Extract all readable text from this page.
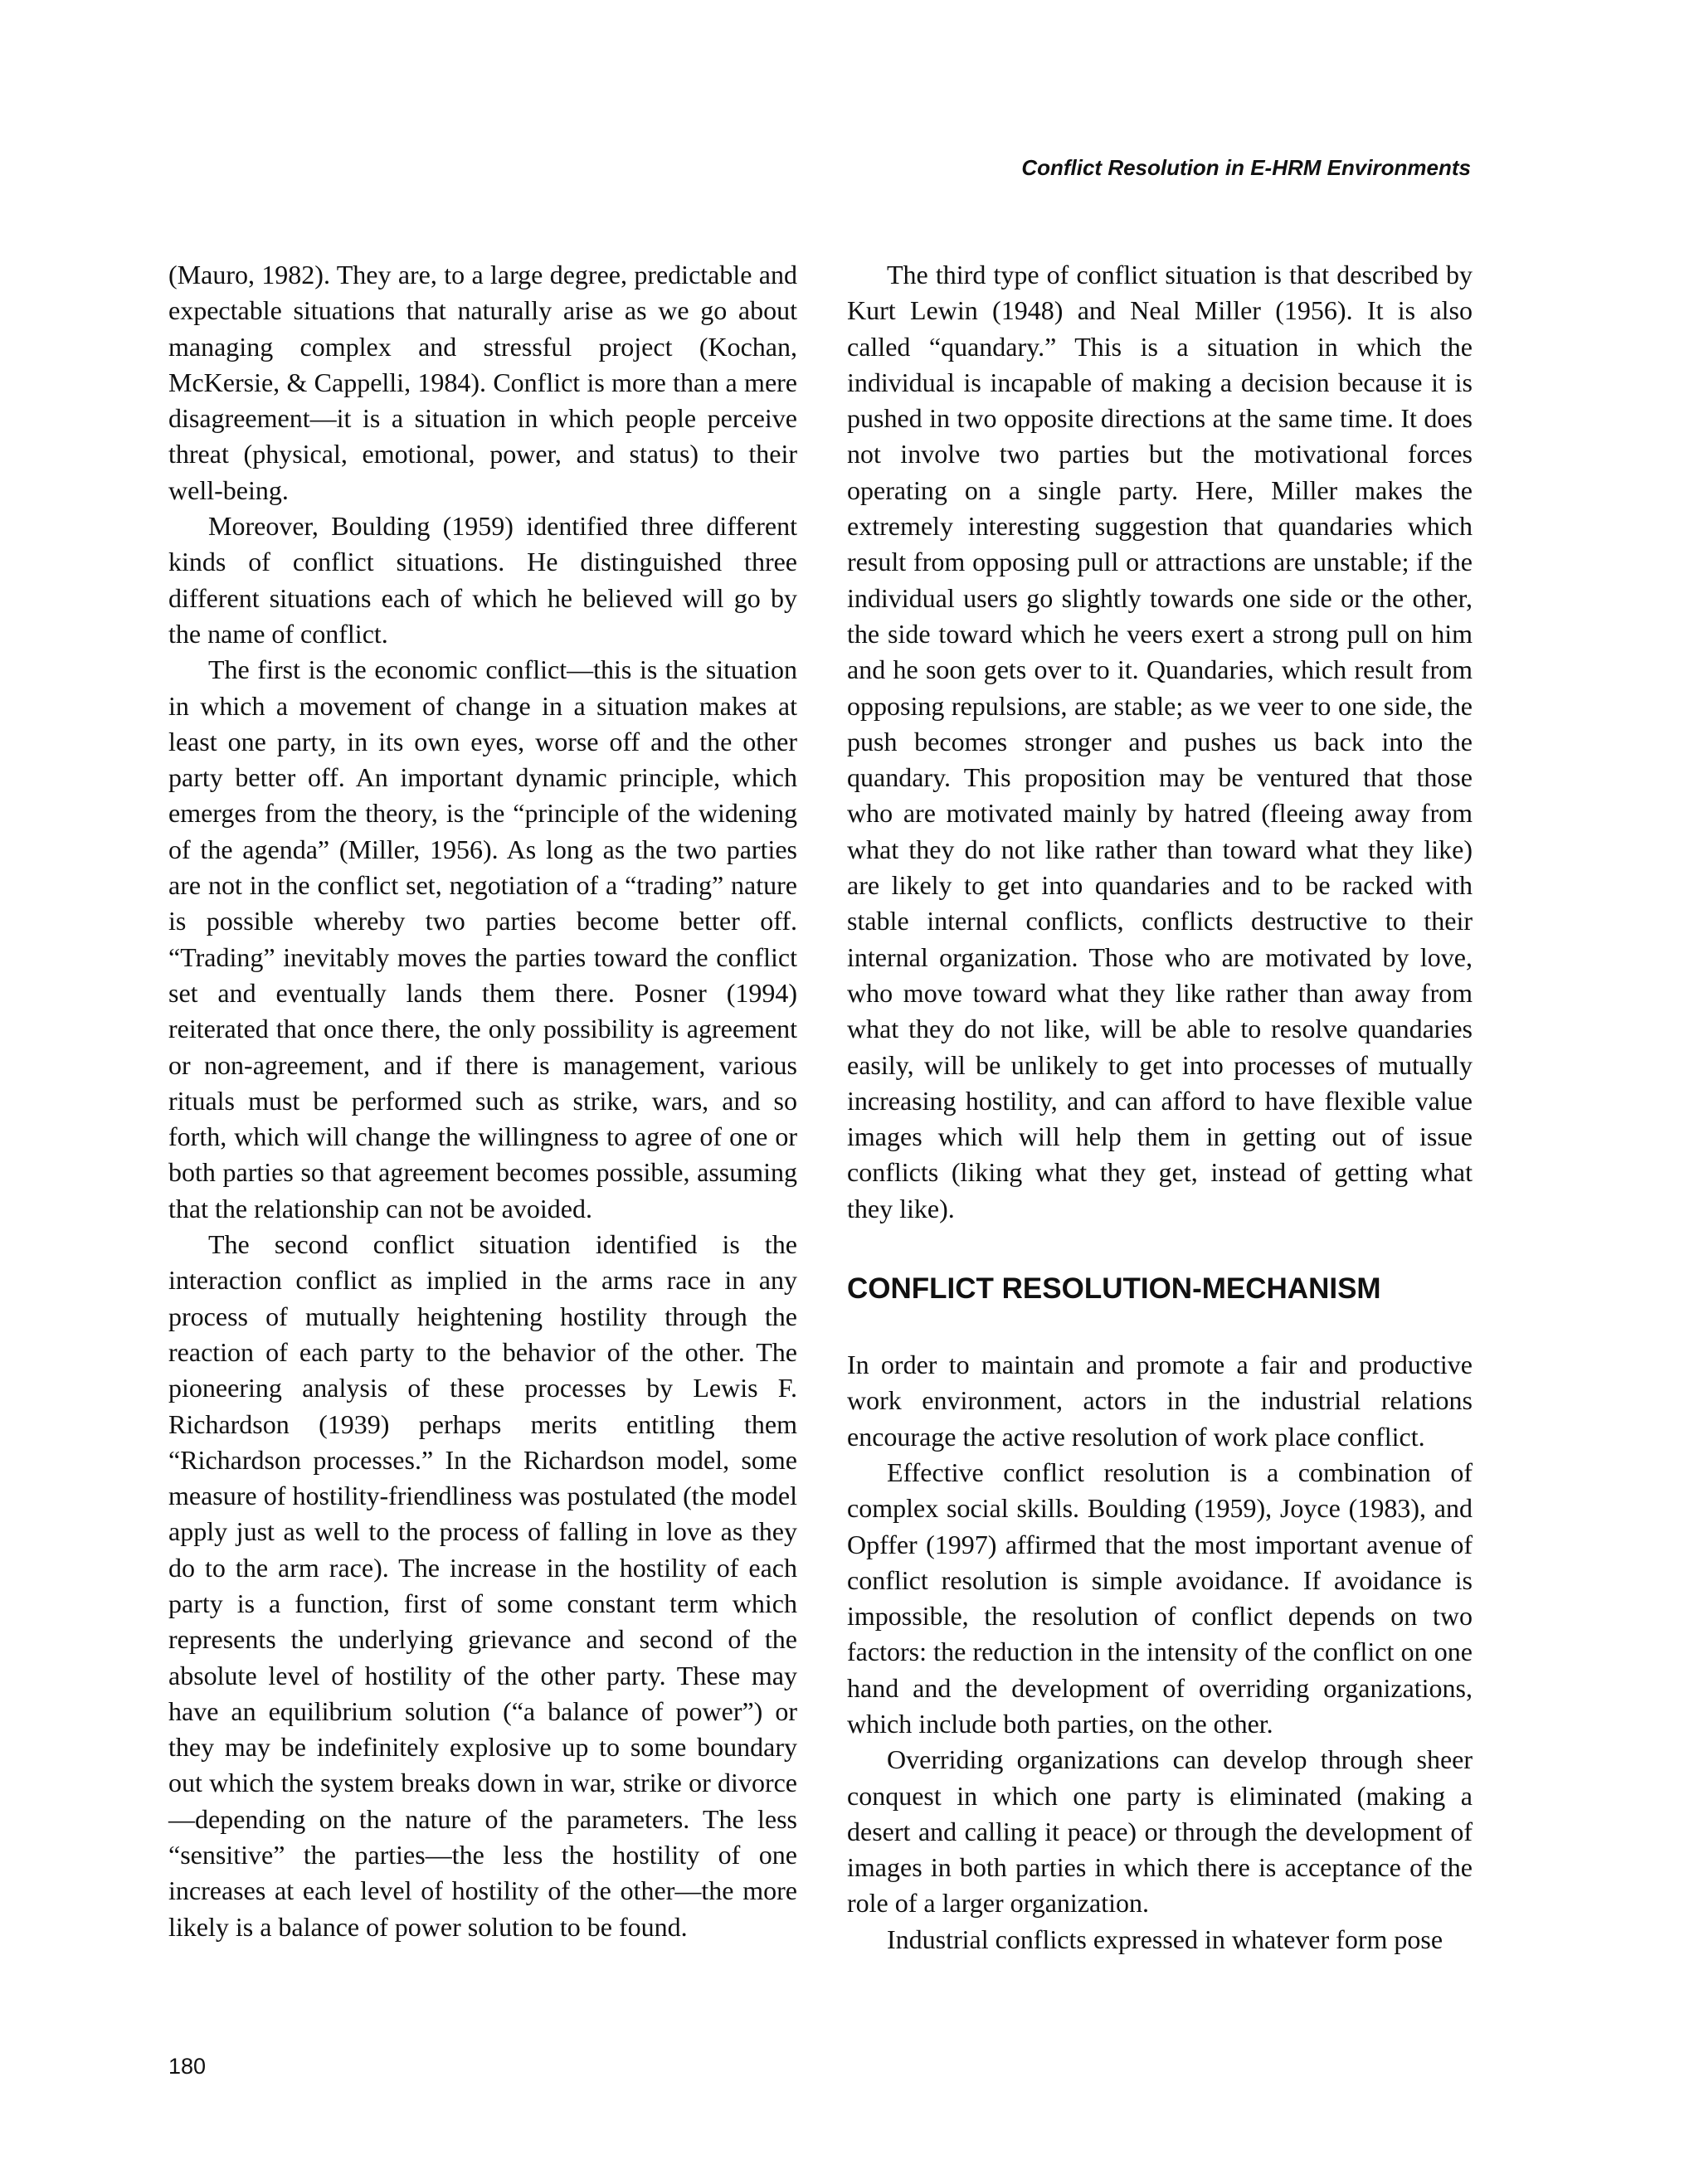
Conflict Resolution in E-HRM Environments

(Mauro, 1982). They are, to a large degree, predictable and expectable situations that naturally arise as we go about managing complex and stressful project (Kochan, McKersie, & Cappelli, 1984). Conflict is more than a mere disagreement—it is a situation in which people perceive threat (physical, emotional, power, and status) to their well-being.

Moreover, Boulding (1959) identified three different kinds of conflict situations. He distinguished three different situations each of which he believed will go by the name of conflict.

The first is the economic conflict—this is the situation in which a movement of change in a situation makes at least one party, in its own eyes, worse off and the other party better off. An important dynamic principle, which emerges from the theory, is the “principle of the widening of the agenda” (Miller, 1956). As long as the two parties are not in the conflict set, negotiation of a “trading” nature is possible whereby two parties become better off. “Trading” inevitably moves the parties toward the conflict set and eventually lands them there. Posner (1994) reiterated that once there, the only possibility is agreement or non-agreement, and if there is management, various rituals must be performed such as strike, wars, and so forth, which will change the willingness to agree of one or both parties so that agreement becomes possible, assuming that the relationship can not be avoided.

The second conflict situation identified is the interaction conflict as implied in the arms race in any process of mutually heightening hostility through the reaction of each party to the behavior of the other. The pioneering analysis of these processes by Lewis F. Richardson (1939) perhaps merits entitling them “Richardson processes.” In the Richardson model, some measure of hostility-friendliness was postulated (the model apply just as well to the process of falling in love as they do to the arm race). The increase in the hostility of each party is a function, first of some constant term which represents the underlying grievance and second of the absolute level of hostility of the other party. These may have an equilibrium solution (“a balance of power”) or they may be indefinitely explosive up to some boundary out which the system breaks down in war, strike or divorce—depending on the nature of the parameters. The less “sensitive” the parties—the less the hostility of one increases at each level of hostility of the other—the more likely is a balance of power solution to be found.

The third type of conflict situation is that described by Kurt Lewin (1948) and Neal Miller (1956). It is also called “quandary.” This is a situation in which the individual is incapable of making a decision because it is pushed in two opposite directions at the same time. It does not involve two parties but the motivational forces operating on a single party. Here, Miller makes the extremely interesting suggestion that quandaries which result from opposing pull or attractions are unstable; if the individual users go slightly towards one side or the other, the side toward which he veers exert a strong pull on him and he soon gets over to it. Quandaries, which result from opposing repulsions, are stable; as we veer to one side, the push becomes stronger and pushes us back into the quandary. This proposition may be ventured that those who are motivated mainly by hatred (fleeing away from what they do not like rather than toward what they like) are likely to get into quandaries and to be racked with stable internal conflicts, conflicts destructive to their internal organization. Those who are motivated by love, who move toward what they like rather than away from what they do not like, will be able to resolve quandaries easily, will be unlikely to get into processes of mutually increasing hostility, and can afford to have flexible value images which will help them in getting out of issue conflicts (liking what they get, instead of getting what they like).

CONFLICT RESOLUTION-MECHANISM

In order to maintain and promote a fair and productive work environment, actors in the industrial relations encourage the active resolution of work place conflict.

Effective conflict resolution is a combination of complex social skills. Boulding (1959), Joyce (1983), and Opffer (1997) affirmed that the most important avenue of conflict resolution is simple avoidance. If avoidance is impossible, the resolution of conflict depends on two factors: the reduction in the intensity of the conflict on one hand and the development of overriding organizations, which include both parties, on the other.

Overriding organizations can develop through sheer conquest in which one party is eliminated (making a desert and calling it peace) or through the development of images in both parties in which there is acceptance of the role of a larger organization.

Industrial conflicts expressed in whatever form pose

180
